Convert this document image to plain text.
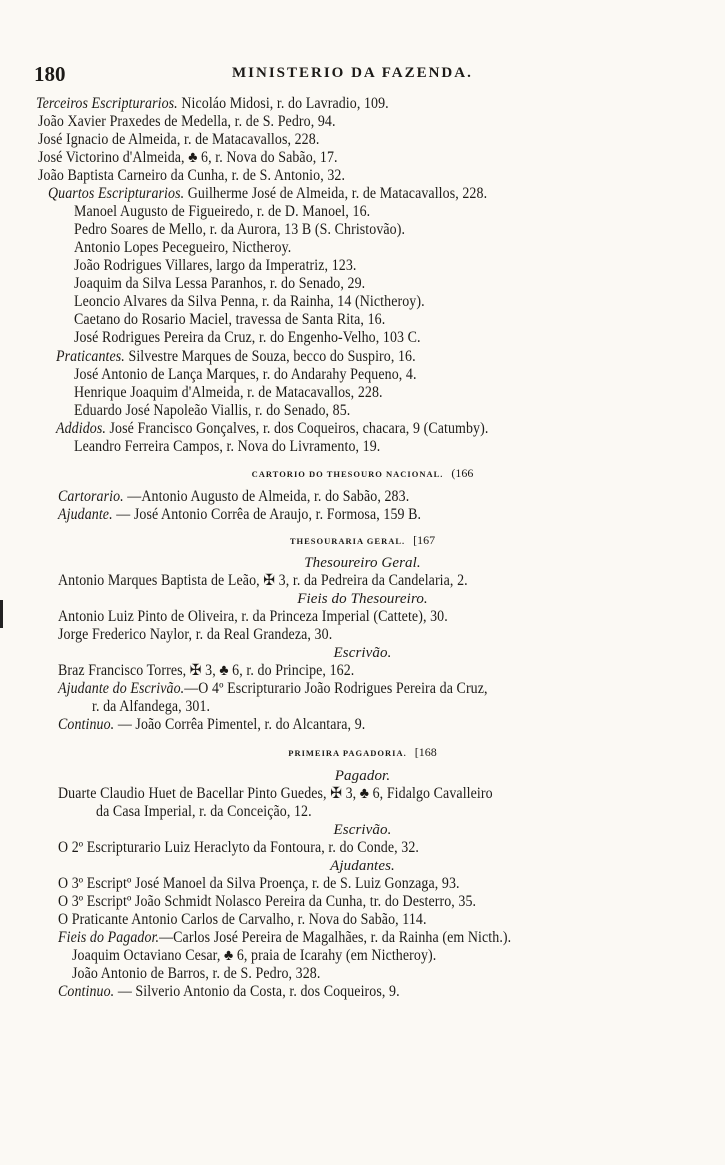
180	MINISTERIO DA FAZENDA.
Terceiros Escripturarios. Nicoláo Midosi, r. do Lavradio, 109.
João Xavier Praxedes de Medella, r. de S. Pedro, 94.
José Ignacio de Almeida, r. de Matacavallos, 228.
José Victorino d'Almeida, ♣ 6, r. Nova do Sabão, 17.
João Baptista Carneiro da Cunha, r. de S. Antonio, 32.
Quartos Escripturarios. Guilherme José de Almeida, r. de Matacavallos, 228.
Manoel Augusto de Figueiredo, r. de D. Manoel, 16.
Pedro Soares de Mello, r. da Aurora, 13 B (S. Christovão).
Antonio Lopes Pecegueiro, Nictheroy.
João Rodrigues Villares, largo da Imperatriz, 123.
Joaquim da Silva Lessa Paranhos, r. do Senado, 29.
Leoncio Alvares da Silva Penna, r. da Rainha, 14 (Nictheroy).
Caetano do Rosario Maciel, travessa de Santa Rita, 16.
José Rodrigues Pereira da Cruz, r. do Engenho-Velho, 103 C.
Praticantes. Silvestre Marques de Souza, becco do Suspiro, 16.
José Antonio de Lança Marques, r. do Andarahy Pequeno, 4.
Henrique Joaquim d'Almeida, r. de Matacavallos, 228.
Eduardo José Napoleão Viallis, r. do Senado, 85.
Addidos. José Francisco Gonçalves, r. dos Coqueiros, chacara, 9 (Catumby).
Leandro Ferreira Campos, r. Nova do Livramento, 19.
CARTORIO DO THESOURO NACIONAL. (166
Cartorario. —Antonio Augusto de Almeida, r. do Sabão, 283.
Ajudante. — José Antonio Corrêa de Araujo, r. Formosa, 159 B.
THESOURARIA GERAL. [167
Thesoureiro Geral.
Antonio Marques Baptista de Leão, ✠ 3, r. da Pedreira da Candelaria, 2.
Fieis do Thesoureiro.
Antonio Luiz Pinto de Oliveira, r. da Princeza Imperial (Cattete), 30.
Jorge Frederico Naylor, r. da Real Grandeza, 30.
Escrivão.
Braz Francisco Torres, ✠ 3, ♣ 6, r. do Principe, 162.
Ajudante do Escrivão.—O 4º Escripturario João Rodrigues Pereira da Cruz,
r. da Alfandega, 301.
Continuo. — João Corrêa Pimentel, r. do Alcantara, 9.
PRIMEIRA PAGADORIA. [168
Pagador.
Duarte Claudio Huet de Bacellar Pinto Guedes, ✠ 3, ♣ 6, Fidalgo Cavalleiro
da Casa Imperial, r. da Conceição, 12.
Escrivão.
O 2º Escripturario Luiz Heraclyto da Fontoura, r. do Conde, 32.
Ajudantes.
O 3º Escriptº José Manoel da Silva Proença, r. de S. Luiz Gonzaga, 93.
O 3º Escriptº João Schmidt Nolasco Pereira da Cunha, tr. do Desterro, 35.
O Praticante Antonio Carlos de Carvalho, r. Nova do Sabão, 114.
Fieis do Pagador.—Carlos José Pereira de Magalhães, r. da Rainha (em Nicth.).
Joaquim Octaviano Cesar, ♣ 6, praia de Icarahy (em Nictheroy).
João Antonio de Barros, r. de S. Pedro, 328.
Continuo. — Silverio Antonio da Costa, r. dos Coqueiros, 9.
